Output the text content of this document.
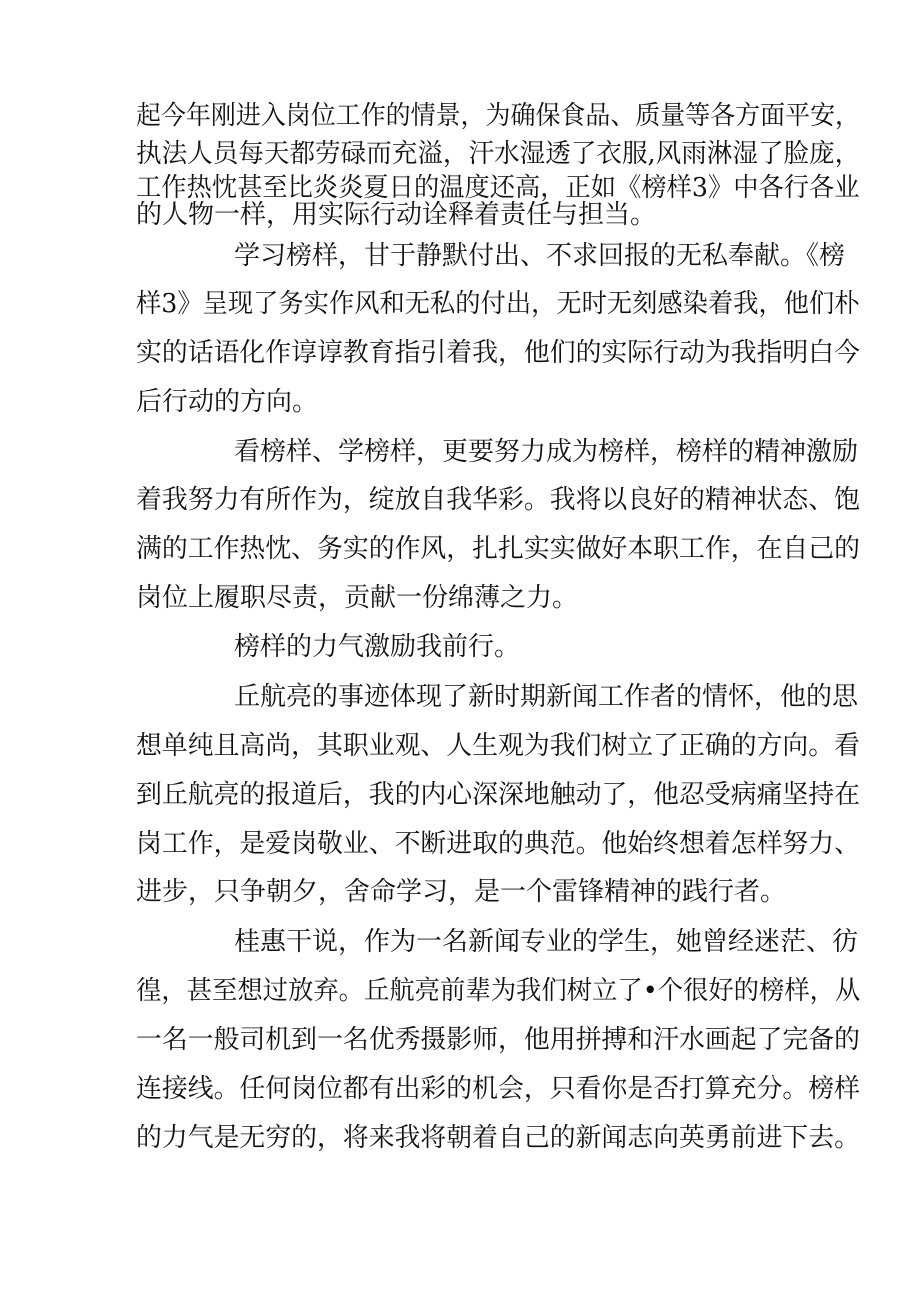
起今年刚进入岗位工作的情景，为确保食品、质量等各方面平安，

执法人员每天都劳碌而充溢，汗水湿透了衣服,风雨淋湿了脸庞，

工作热忱甚至比炎炎夏日的温度还高，正如《榜样3》中各行各业

的人物一样，用实际行动诠释着责任与担当。

学习榜样，甘于静默付出、不求回报的无私奉献。《榜

样3》呈现了务实作风和无私的付出，无时无刻感染着我，他们朴

实的话语化作谆谆教育指引着我，他们的实际行动为我指明白今

后行动的方向。

看榜样、学榜样，更要努力成为榜样，榜样的精神激励

着我努力有所作为，绽放自我华彩。我将以良好的精神状态、饱

满的工作热忱、务实的作风，扎扎实实做好本职工作，在自己的

岗位上履职尽责，贡献一份绵薄之力。

榜样的力气激励我前行。

丘航亮的事迹体现了新时期新闻工作者的情怀，他的思

想单纯且高尚，其职业观、人生观为我们树立了正确的方向。看

到丘航亮的报道后，我的内心深深地触动了，他忍受病痛坚持在

岗工作，是爱岗敬业、不断进取的典范。他始终想着怎样努力、

进步，只争朝夕，舍命学习，是一个雷锋精神的践行者。

桂惠干说，作为一名新闻专业的学生，她曾经迷茫、彷

徨，甚至想过放弃。丘航亮前辈为我们树立了•个很好的榜样，从

一名一般司机到一名优秀摄影师，他用拼搏和汗水画起了完备的

连接线。任何岗位都有出彩的机会，只看你是否打算充分。榜样

的力气是无穷的，将来我将朝着自己的新闻志向英勇前进下去。
